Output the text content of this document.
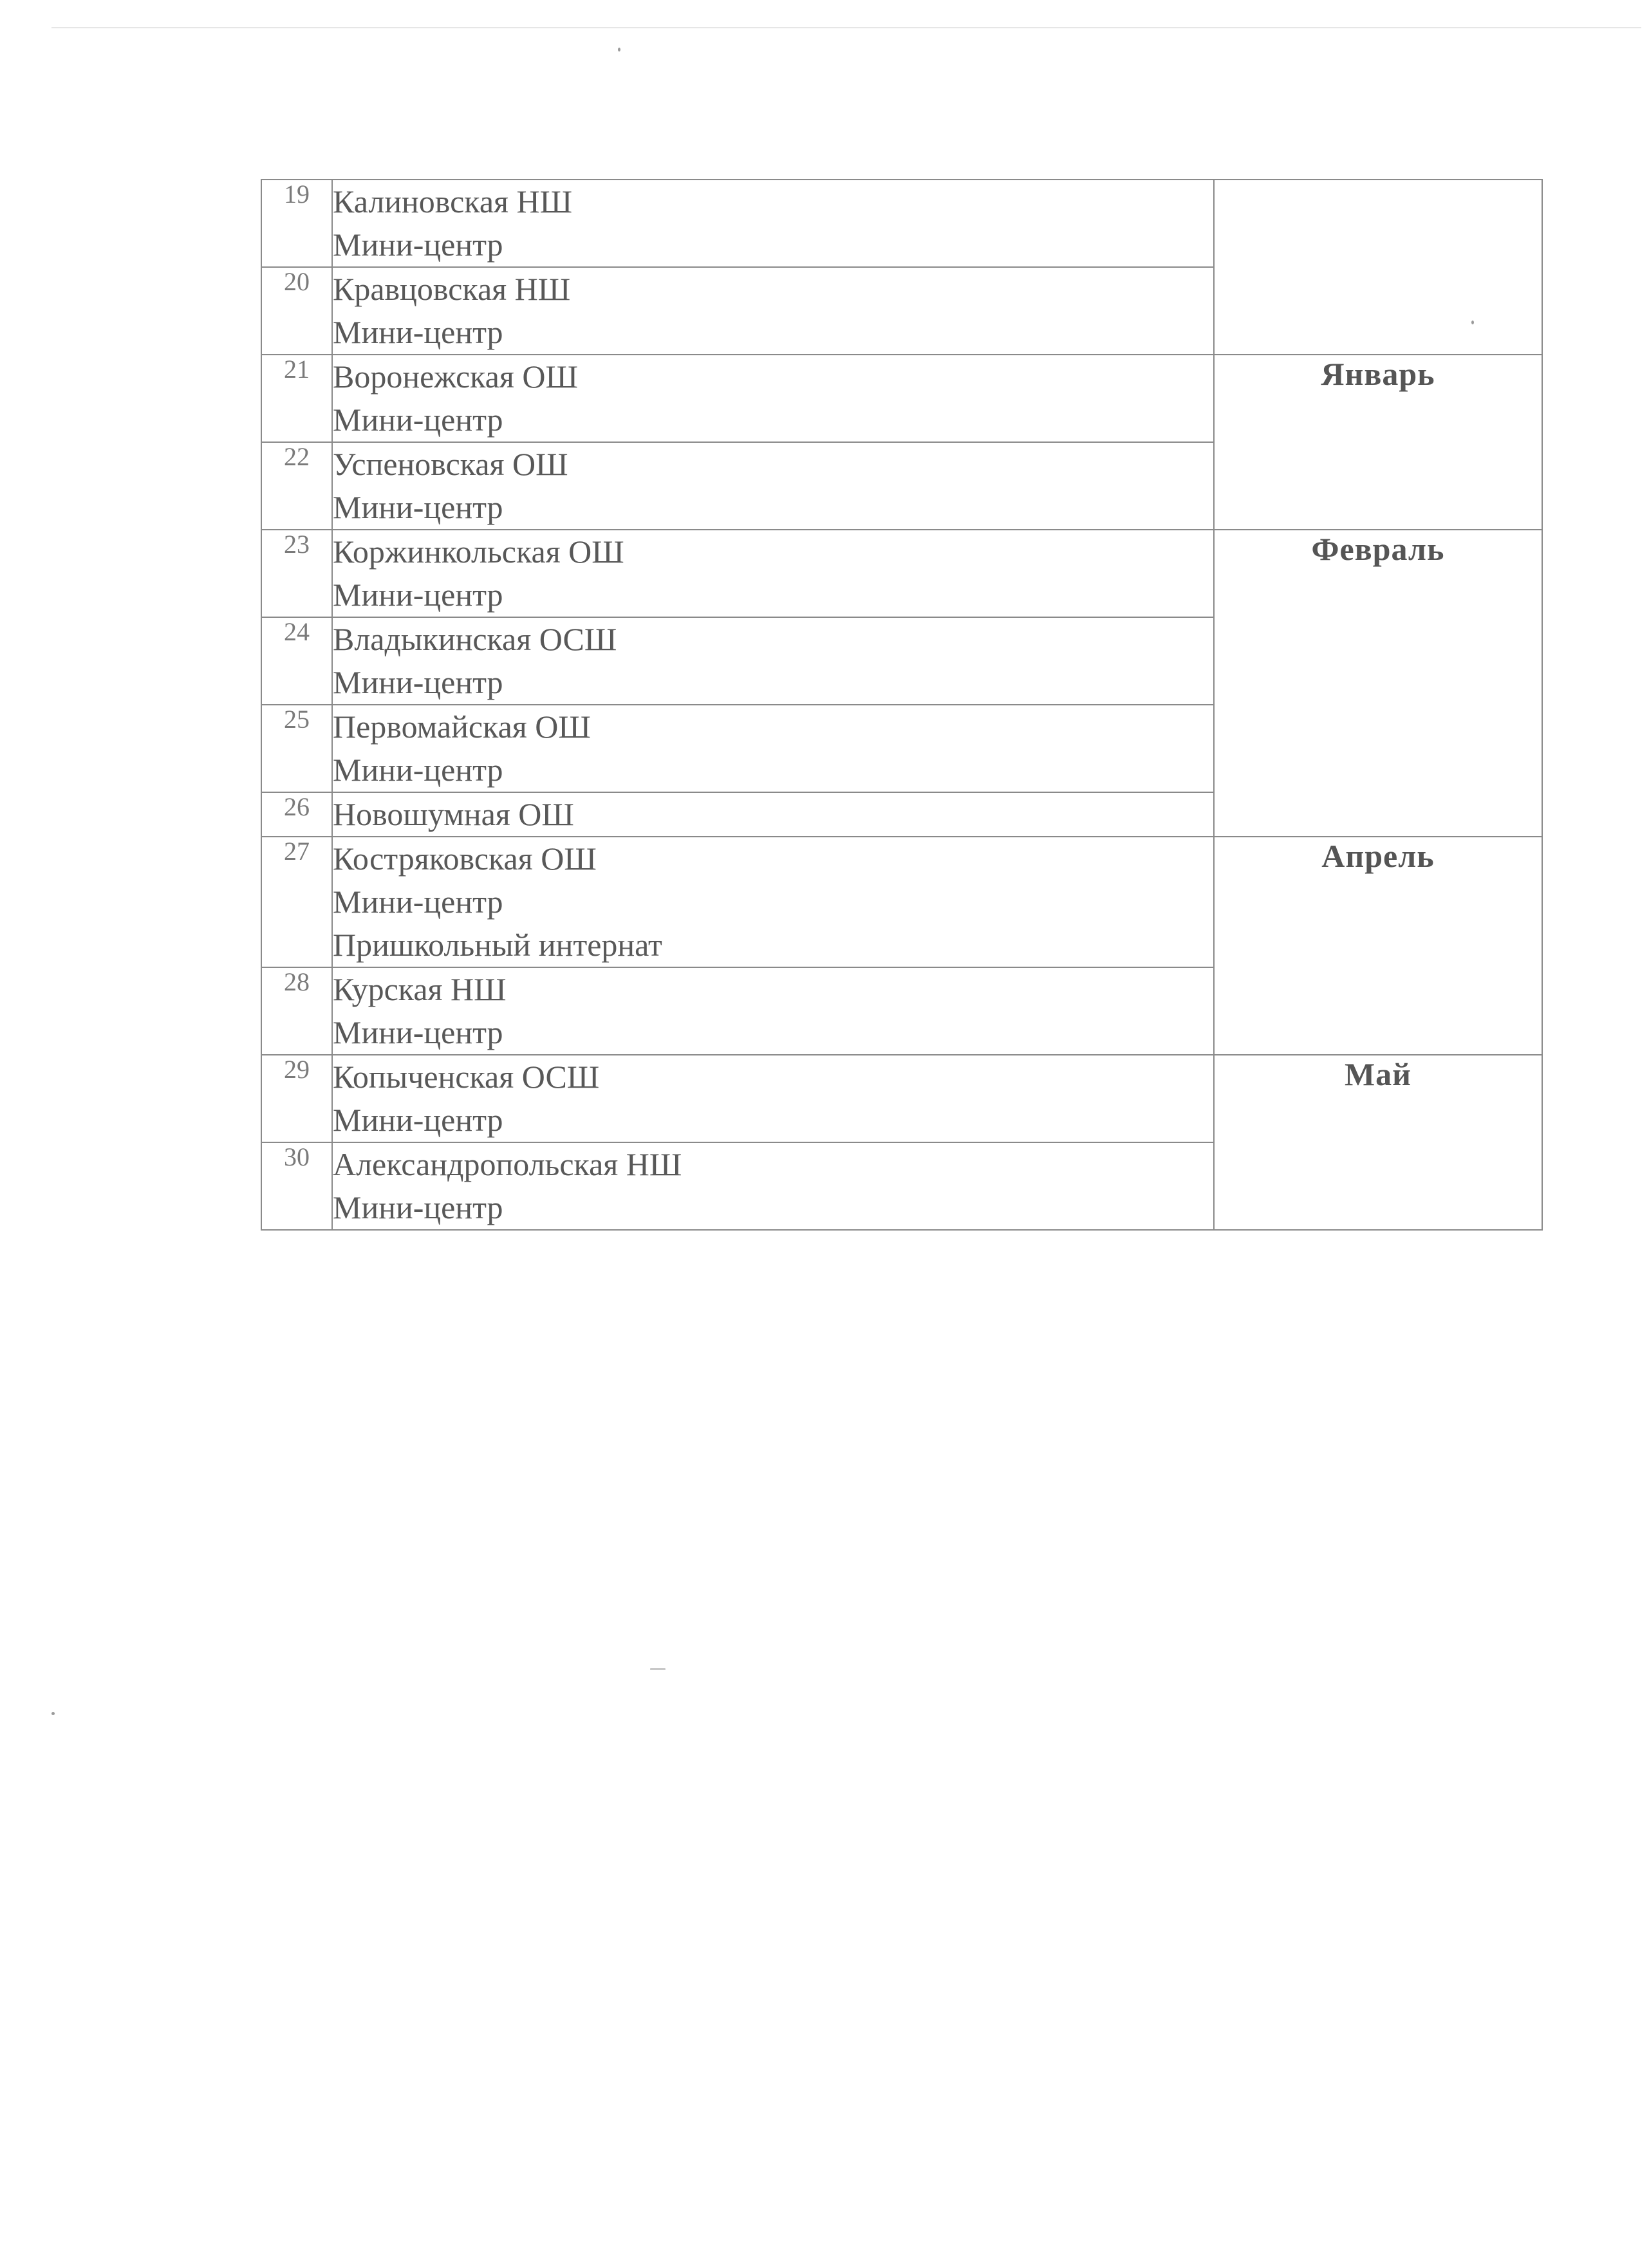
19	Калиновская НШ
Мини-центр	

20	Кравцовская НШ
Мини-центр	

21	Воронежская ОШ
Мини-центр	Январь
22	Успеновская ОШ
Мини-центр	

23	Коржинкольская ОШ
Мини-центр	Февраль
24	Владыкинская ОСШ
Мини-центр	

25	Первомайская ОШ
Мини-центр	

26	Новошумная ОШ	

27	Костряковская ОШ
Мини-центр
Пришкольный интернат	Апрель
28	Курская НШ
Мини-центр	

29	Копыченская ОСШ
Мини-центр	Май
30	Александропольская НШ
Мини-центр	
